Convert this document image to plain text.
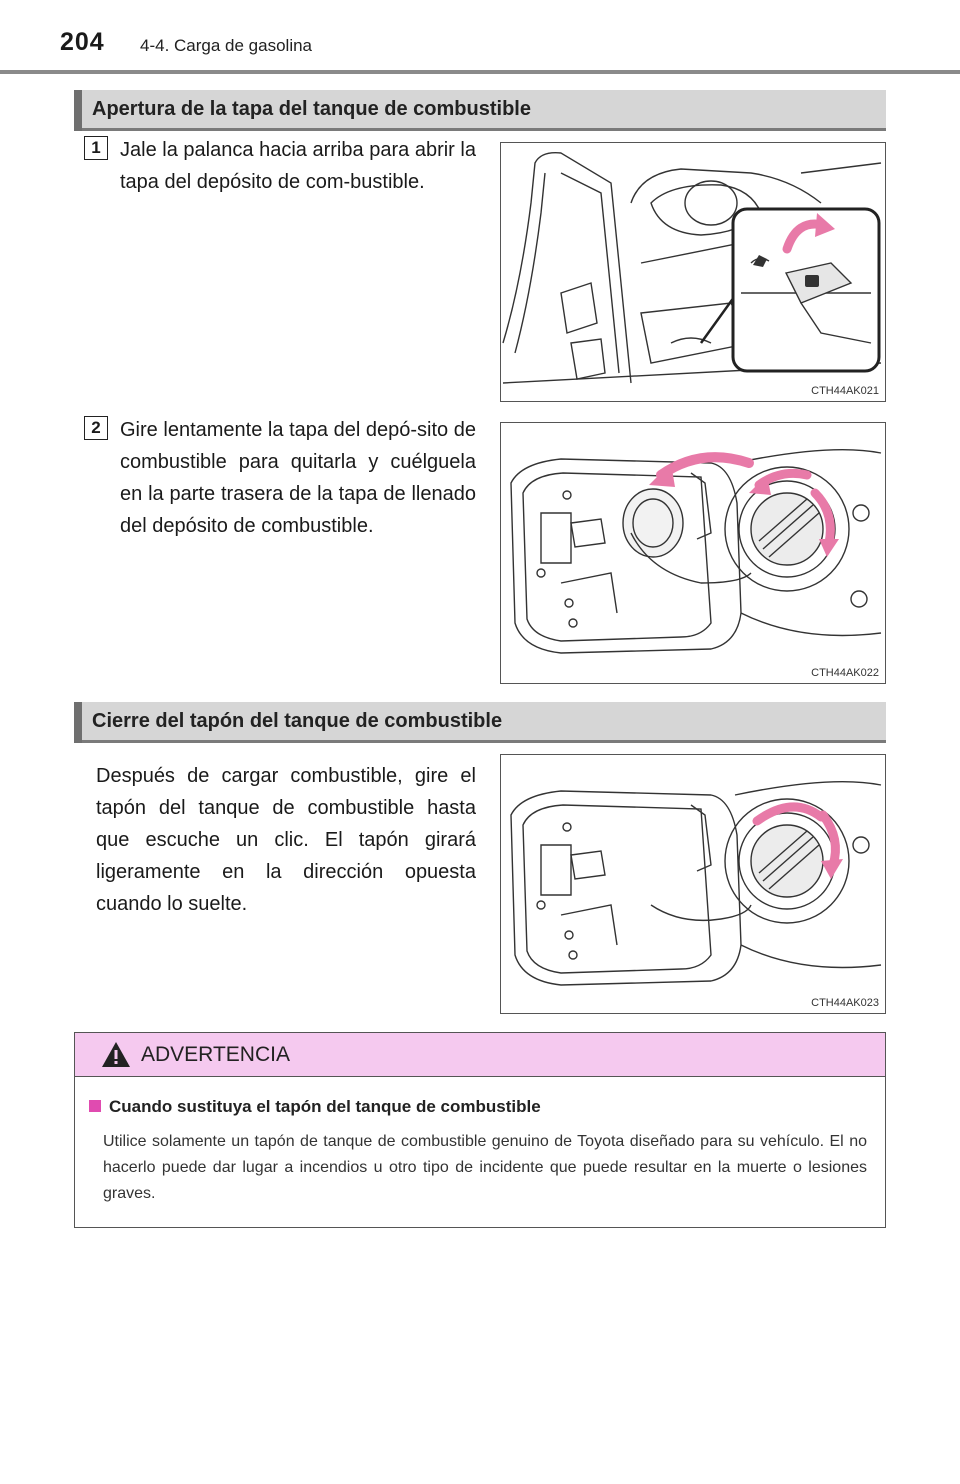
204 4-4. Carga de gasolina
Apertura de la tapa del tanque de combustible
1 Jale la palanca hacia arriba para abrir la tapa del depósito de com-bustible.
CTH44AK021
2 Gire lentamente la tapa del depó-sito de combustible para quitarla y cuélguela en la parte trasera de la tapa de llenado del depósito de combustible.
CTH44AK022
Cierre del tapón del tanque de combustible
Después de cargar combustible, gire el tapón del tanque de combustible hasta que escuche un clic. El tapón girará ligeramente en la dirección opuesta cuando lo suelte.
CTH44AK023
ADVERTENCIA
Cuando sustituya el tapón del tanque de combustible
Utilice solamente un tapón de tanque de combustible genuino de Toyota diseñado para su vehículo. El no hacerlo puede dar lugar a incendios u otro tipo de incidente que puede resultar en la muerte o lesiones graves.
